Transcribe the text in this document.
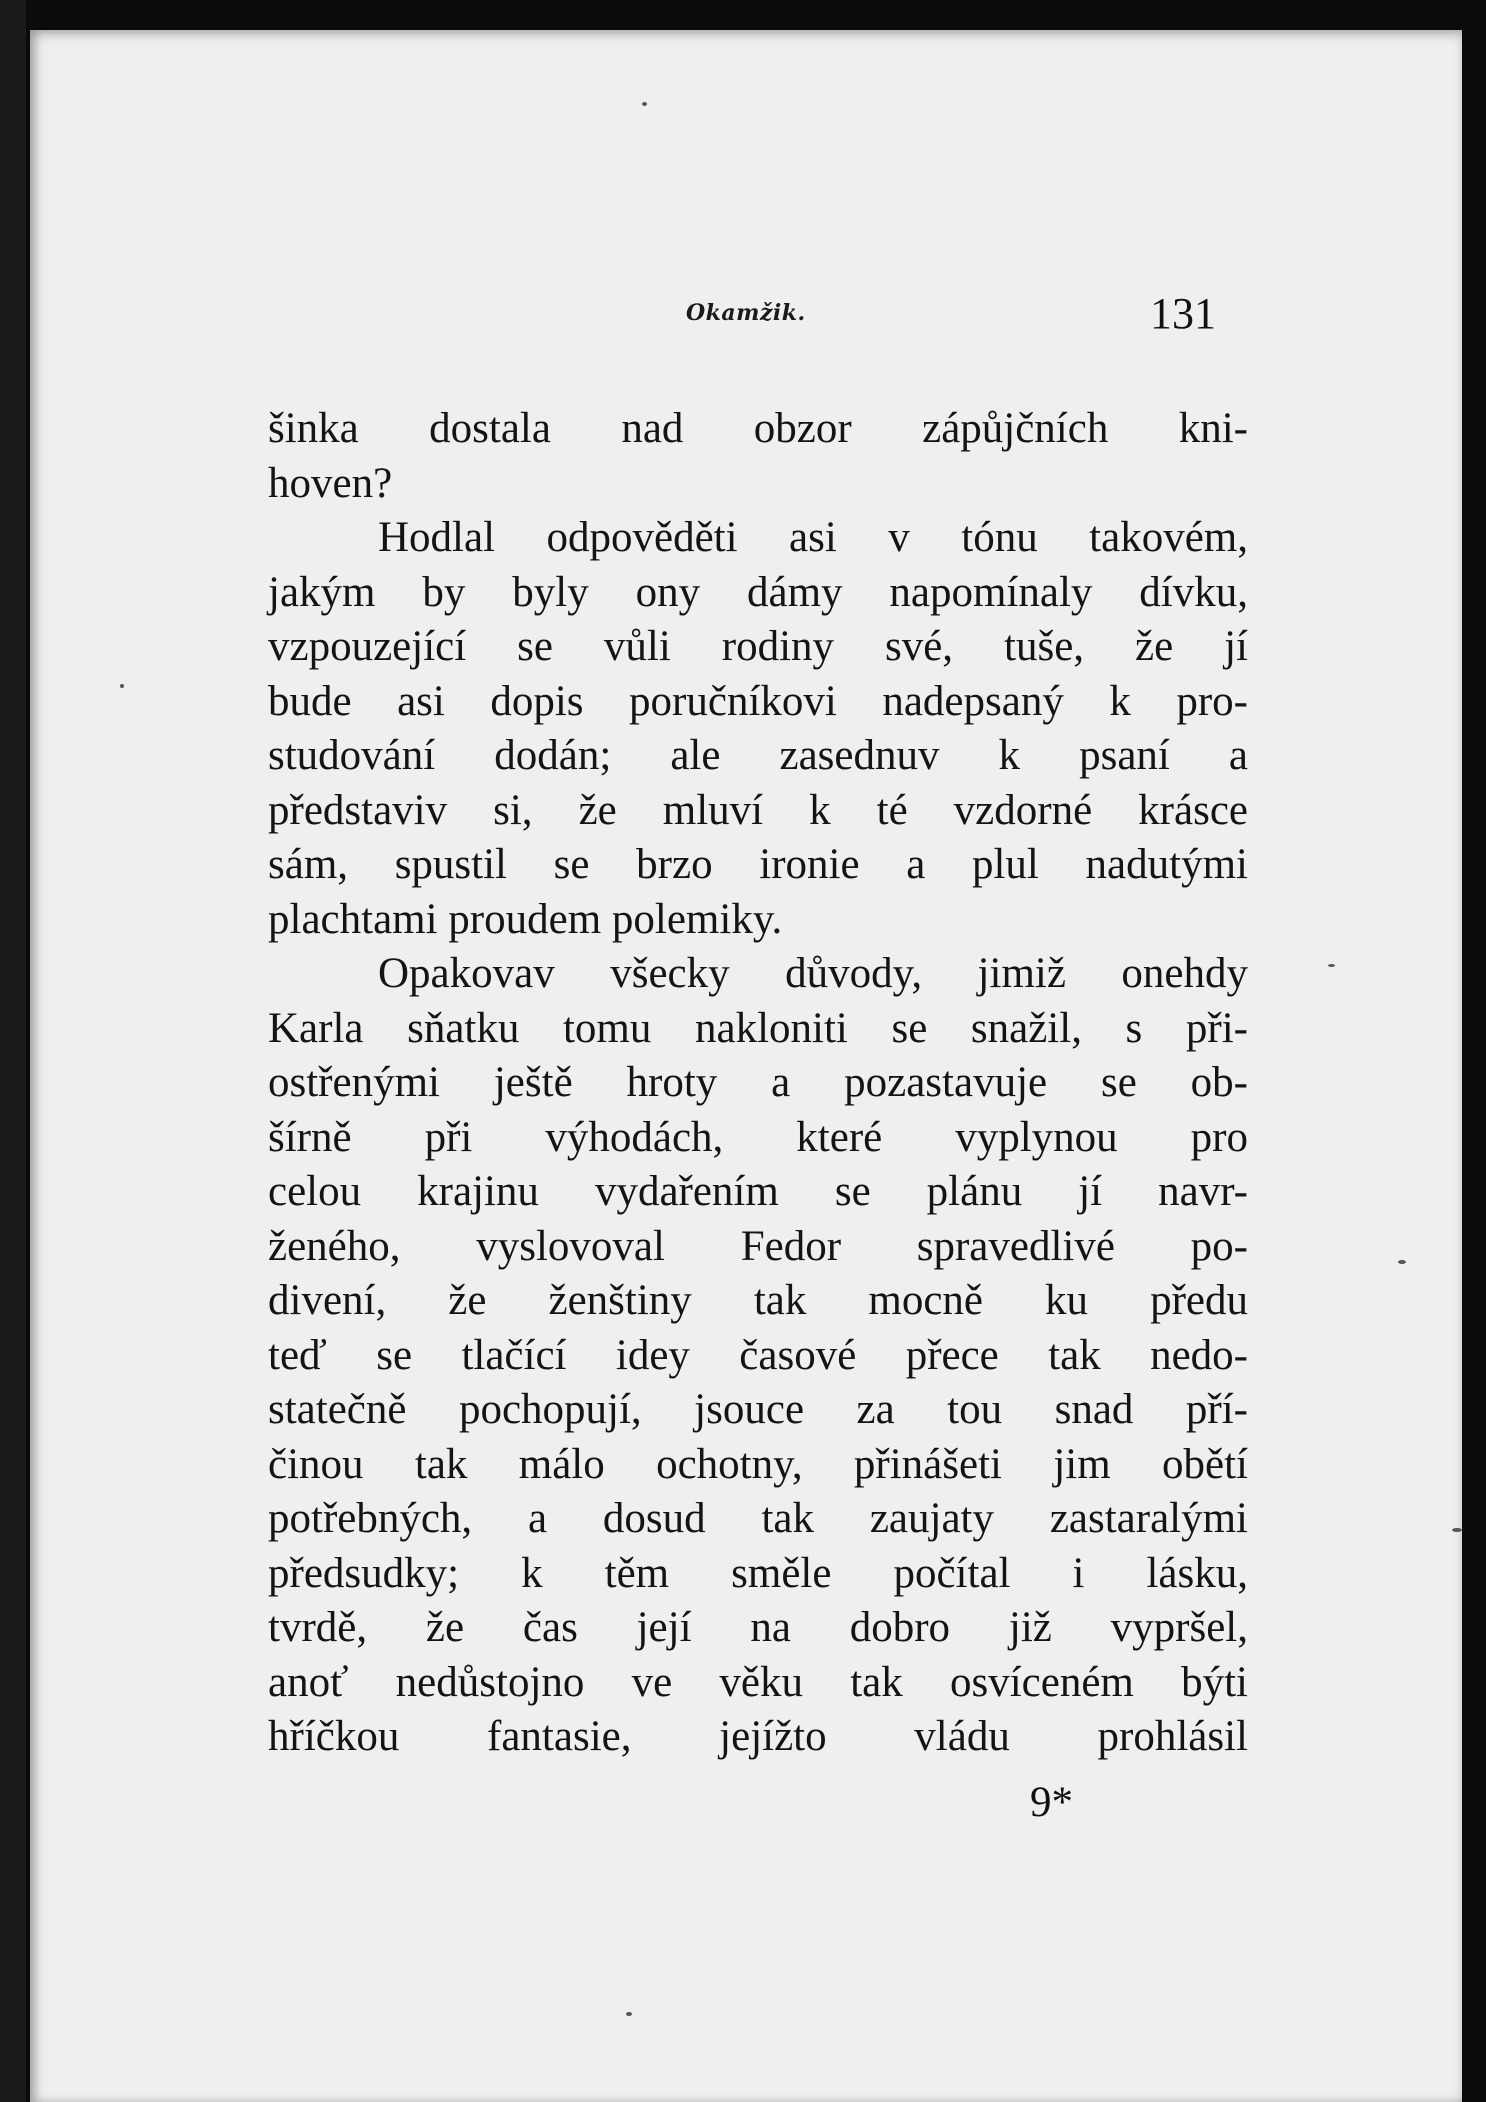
Okamžik.	131
šinka dostala nad obzor zápůjčních kni-
hoven?
Hodlal odpověděti asi v tónu takovém,
jakým by byly ony dámy napomínaly dívku,
vzpouzející se vůli rodiny své, tuše, že jí
bude asi dopis poručníkovi nadepsaný k pro-
studování dodán; ale zasednuv k psaní a
představiv si, že mluví k té vzdorné krásce
sám, spustil se brzo ironie a plul nadutými
plachtami proudem polemiky.
Opakovav všecky důvody, jimiž onehdy
Karla sňatku tomu nakloniti se snažil, s při-
ostřenými ještě hroty a pozastavuje se ob-
šírně při výhodách, které vyplynou pro
celou krajinu vydařením se plánu jí navr-
ženého, vyslovoval Fedor spravedlivé po-
divení, že ženštiny tak mocně ku předu
teď se tlačící idey časové přece tak nedo-
statečně pochopují, jsouce za tou snad pří-
činou tak málo ochotny, přinášeti jim obětí
potřebných, a dosud tak zaujaty zastaralými
předsudky; k těm směle počítal i lásku,
tvrdě, že čas její na dobro již vypršel,
anoť nedůstojno ve věku tak osvíceném býti
hříčkou fantasie, jejížto vládu prohlásil
9*
